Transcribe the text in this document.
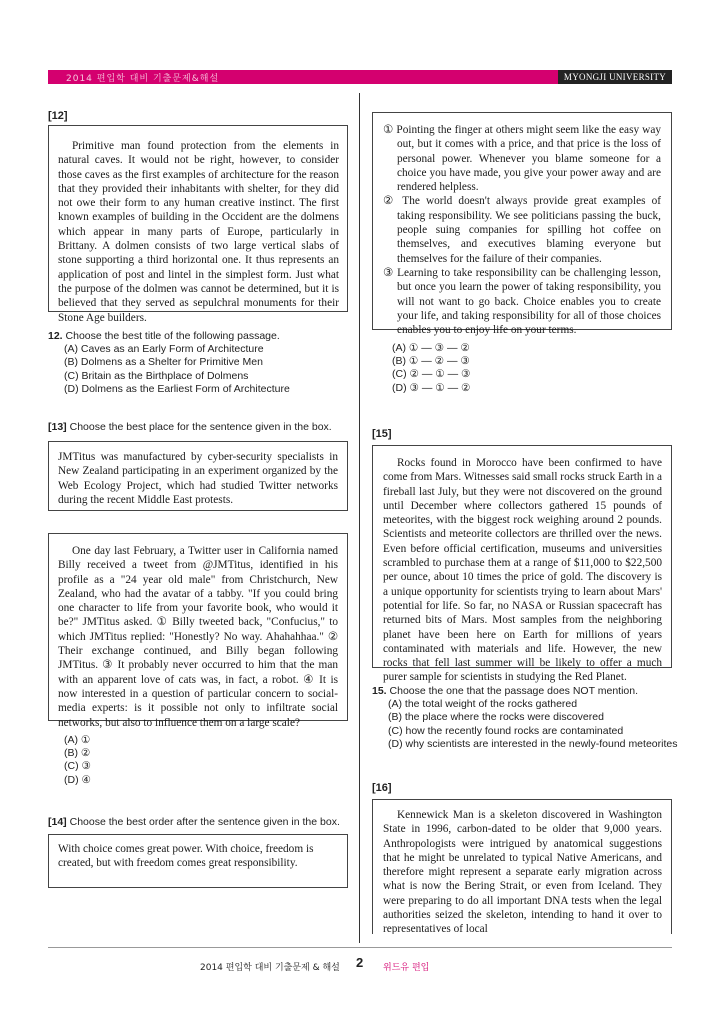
2014 편입학 대비 기출문제&해설	MYONGJI UNIVERSITY
[12]

Primitive man found protection from the elements in natural caves. It would not be right, however, to consider those caves as the first examples of architecture for the reason that they provided their inhabitants with shelter, for they did not owe their form to any human creative instinct. The first known examples of building in the Occident are the dolmens which appear in many parts of Europe, particularly in Brittany. A dolmen consists of two large vertical slabs of stone supporting a third horizontal one. It thus represents an application of post and lintel in the simplest form. Just what the purpose of the dolmen was cannot be determined, but it is believed that they served as sepulchral monuments for their Stone Age builders.

12. Choose the best title of the following passage.
(A) Caves as an Early Form of Architecture
(B) Dolmens as a Shelter for Primitive Men
(C) Britain as the Birthplace of Dolmens
(D) Dolmens as the Earliest Form of Architecture
[13] Choose the best place for the sentence given in the box.

JMTitus was manufactured by cyber-security specialists in New Zealand participating in an experiment organized by the Web Ecology Project, which had studied Twitter networks during the recent Middle East protests.

One day last February, a Twitter user in California named Billy received a tweet from @JMTitus, identified in his profile as a "24 year old male" from Christchurch, New Zealand, who had the avatar of a tabby. "If you could bring one character to life from your favorite book, who would it be?" JMTitus asked. ① Billy tweeted back, "Confucius," to which JMTitus replied: "Honestly? No way. Ahahahhaa." ② Their exchange continued, and Billy began following JMTitus. ③ It probably never occurred to him that the man with an apparent love of cats was, in fact, a robot. ④ It is now interested in a question of particular concern to social-media experts: is it possible not only to infiltrate social networks, but also to influence them on a large scale?

(A) ①
(B) ②
(C) ③
(D) ④
[14] Choose the best order after the sentence given in the box.

With choice comes great power. With choice, freedom is created, but with freedom comes great responsibility.

① Pointing the finger at others might seem like the easy way out, but it comes with a price, and that price is the loss of personal power. Whenever you blame someone for a choice you have made, you give your power away and are rendered helpless.

② The world doesn't always provide great examples of taking responsibility. We see politicians passing the buck, people suing companies for spilling hot coffee on themselves, and executives blaming everyone but themselves for the failure of their companies.

③ Learning to take responsibility can be challenging lesson, but once you learn the power of taking responsibility, you will not want to go back. Choice enables you to create your life, and taking responsibility for all of those choices enables you to enjoy life on your terms.

(A) ① — ③ — ②
(B) ① — ② — ③
(C) ② — ① — ③
(D) ③ — ① — ②
[15]

Rocks found in Morocco have been confirmed to have come from Mars. Witnesses said small rocks struck Earth in a fireball last July, but they were not discovered on the ground until December where collectors gathered 15 pounds of meteorites, with the biggest rock weighing around 2 pounds. Scientists and meteorite collectors are thrilled over the news. Even before official certification, museums and universities scrambled to purchase them at a range of $11,000 to $22,500 per ounce, about 10 times the price of gold. The discovery is a unique opportunity for scientists trying to learn about Mars' potential for life. So far, no NASA or Russian spacecraft has returned bits of Mars. Most samples from the neighboring planet have been here on Earth for millions of years contaminated with materials and life. However, the new rocks that fell last summer will be likely to offer a much purer sample for scientists in studying the Red Planet.

15. Choose the one that the passage does NOT mention.
(A) the total weight of the rocks gathered
(B) the place where the rocks were discovered
(C) how the recently found rocks are contaminated
(D) why scientists are interested in the newly-found meteorites
[16]

Kennewick Man is a skeleton discovered in Washington State in 1996, carbon-dated to be older that 9,000 years. Anthropologists were intrigued by anatomical suggestions that he might be unrelated to typical Native Americans, and therefore might represent a separate early migration across what is now the Bering Strait, or even from Iceland. They were preparing to do all important DNA tests when the legal authorities seized the skeleton, intending to hand it over to representatives of local

2014 편입학 대비 기출문제 & 해설 2 위드유 편입
